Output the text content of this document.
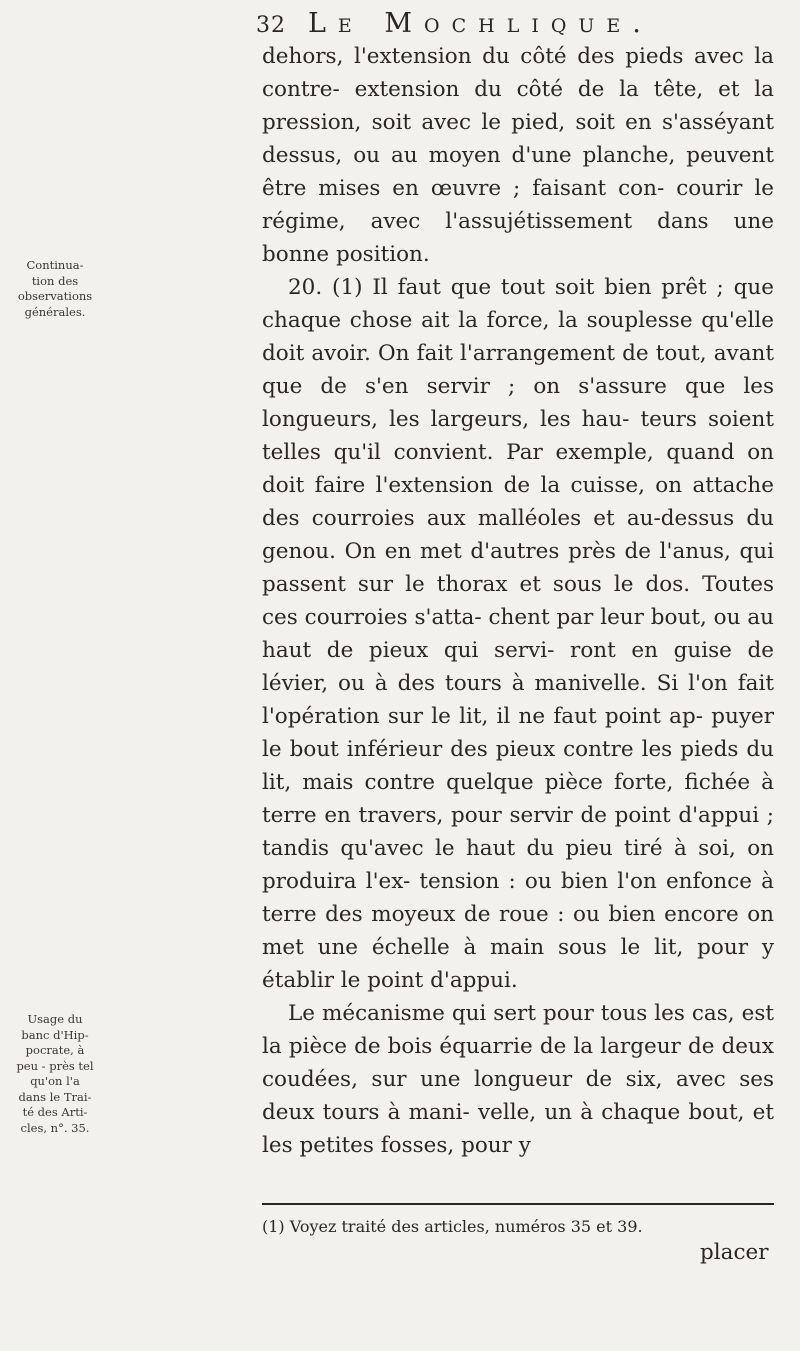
32 Le Mochlique.

dehors, l'extension du côté des pieds avec la contre- extension du côté de la tête, et la pression, soit avec le pied, soit en s'asséyant dessus, ou au moyen d'une planche, peuvent être mises en œuvre ; faisant con- courir le régime, avec l'assujétissement dans une bonne position.

20. (1) Il faut que tout soit bien prêt ; que chaque chose ait la force, la souplesse qu'elle doit avoir. On fait l'arrangement de tout, avant que de s'en servir ; on s'assure que les longueurs, les largeurs, les hau- teurs soient telles qu'il convient. Par exemple, quand on doit faire l'extension de la cuisse, on attache des courroies aux malléoles et au-dessus du genou. On en met d'autres près de l'anus, qui passent sur le thorax et sous le dos. Toutes ces courroies s'atta- chent par leur bout, ou au haut de pieux qui servi- ront en guise de lévier, ou à des tours à manivelle. Si l'on fait l'opération sur le lit, il ne faut point ap- puyer le bout inférieur des pieux contre les pieds du lit, mais contre quelque pièce forte, fichée à terre en travers, pour servir de point d'appui ; tandis qu'avec le haut du pieu tiré à soi, on produira l'ex- tension : ou bien l'on enfonce à terre des moyeux de roue : ou bien encore on met une échelle à main sous le lit, pour y établir le point d'appui.

Le mécanisme qui sert pour tous les cas, est la pièce de bois équarrie de la largeur de deux coudées, sur une longueur de six, avec ses deux tours à mani- velle, un à chaque bout, et les petites fosses, pour y

Continua-
tion des
observations
générales.
Usage du
banc d'Hip-
pocrate, à
peu - près tel
qu'on l'a
dans le Trai-
té des Arti-
cles, n°. 35.
(1) Voyez traité des articles, numéros 35 et 39.
placer
